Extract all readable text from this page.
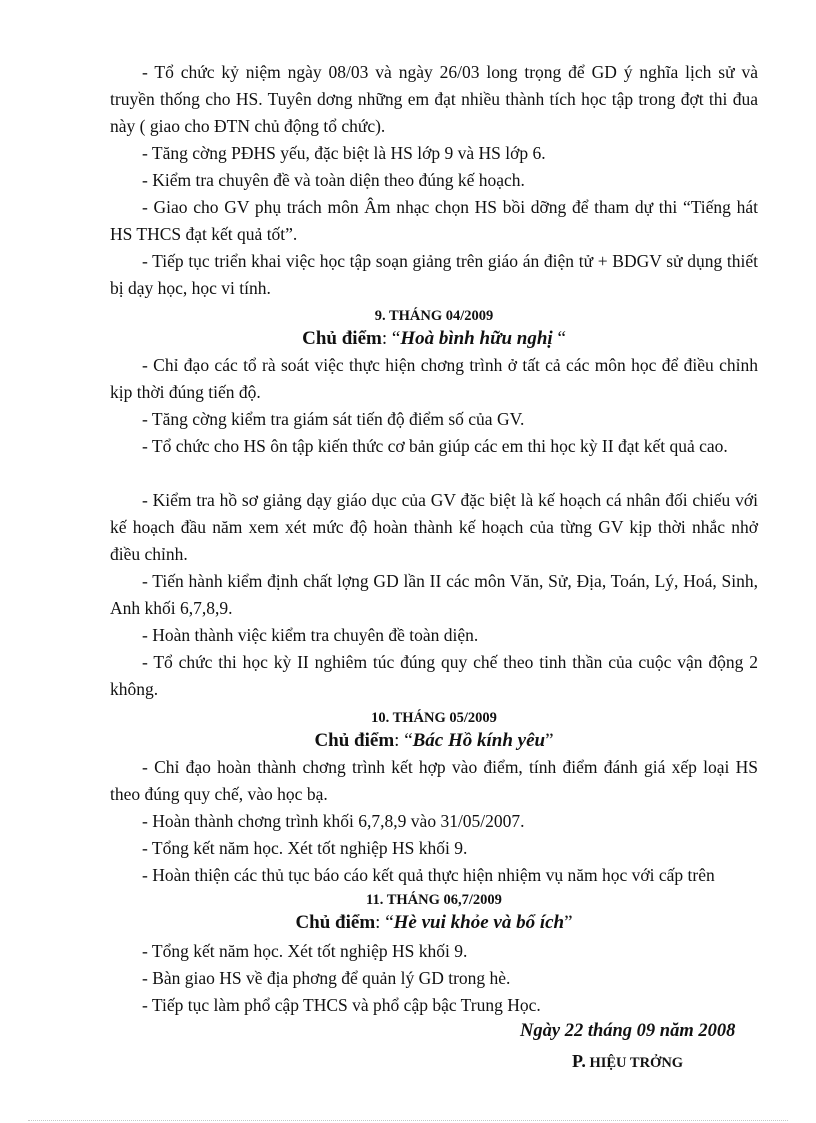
- Tổ chức kỷ niệm ngày 08/03 và ngày 26/03 long trọng để GD ý nghĩa lịch sử và truyền thống cho HS. Tuyên dơng những em đạt nhiều thành tích học tập trong đợt thi đua này ( giao cho ĐTN chủ động tổ chức).

- Tăng cờng PĐHS yếu, đặc biệt là HS lớp 9 và HS lớp 6.

- Kiểm tra chuyên đề và toàn diện theo đúng kế hoạch.

- Giao cho GV phụ trách môn Âm nhạc chọn HS bồi dỡng để tham dự thi “Tiếng hát HS THCS đạt kết quả tốt”.

- Tiếp tục triển khai việc học tập soạn giảng trên giáo án điện tử + BDGV sử dụng thiết bị dạy học, học vi tính.

9. THÁNG 04/2009
Chủ điểm: “Hoà bình hữu nghị “

- Chỉ đạo các tổ rà soát việc thực hiện chơng trình ở tất cả các môn học để điều chỉnh kịp thời đúng tiến độ.

- Tăng cờng kiểm tra giám sát tiến độ điểm số của GV.

- Tổ chức cho HS ôn tập kiến thức cơ bản giúp các em thi học kỳ II đạt kết quả cao.

- Kiểm tra hồ sơ giảng dạy giáo dục của GV đặc biệt là kế hoạch cá nhân đối chiếu với kế hoạch đầu năm xem xét mức độ hoàn thành kế hoạch của từng GV kịp thời nhắc nhở điều chỉnh.

- Tiến hành kiểm định chất lợng GD lần II các môn Văn, Sử, Địa, Toán, Lý, Hoá, Sinh, Anh khối 6,7,8,9.

- Hoàn thành việc kiểm tra chuyên đề toàn diện.

- Tổ chức thi học kỳ II nghiêm túc đúng quy chế theo tinh thần của cuộc vận động 2 không.

10. THÁNG 05/2009
Chủ điểm: “Bác Hồ kính yêu”

- Chỉ đạo hoàn thành chơng trình kết hợp vào điểm, tính điểm đánh giá xếp loại HS theo đúng quy chế, vào học bạ.

- Hoàn thành chơng trình khối 6,7,8,9 vào 31/05/2007.

- Tổng kết năm học. Xét tốt nghiệp HS khối 9.

- Hoàn thiện các thủ tục báo cáo kết quả thực hiện nhiệm vụ năm học với cấp trên

11. THÁNG 06,7/2009
Chủ điểm: “Hè vui khỏe và bổ ích”

- Tổng kết năm học. Xét tốt nghiệp HS khối 9.

- Bàn giao HS về địa phơng để quản lý GD trong hè.

- Tiếp tục làm phổ cập THCS và phổ cập bậc Trung Học.

Ngày 22 tháng 09 năm 2008
P. HIỆU TRỞNG
